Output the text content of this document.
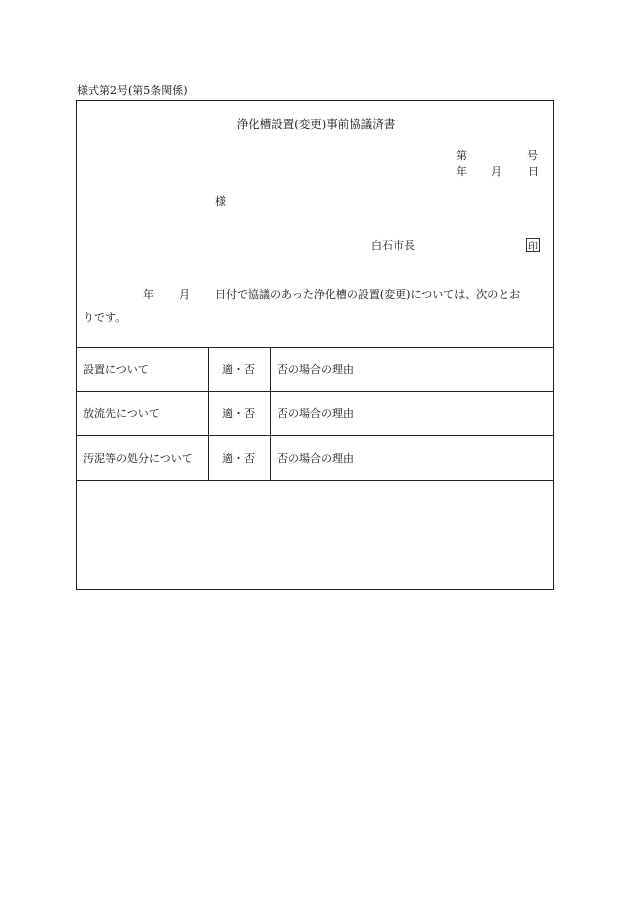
様式第2号(第5条関係)
浄化槽設置(変更)事前協議済書
第	号
年 月 日
様
白石市長	印
年 月 日付で協議のあった浄化槽の設置(変更)については、次のとお
りです。
設置について	適・否 否の場合の理由
放流先について	適・否 否の場合の理由
汚泥等の処分について	適・否 否の場合の理由
